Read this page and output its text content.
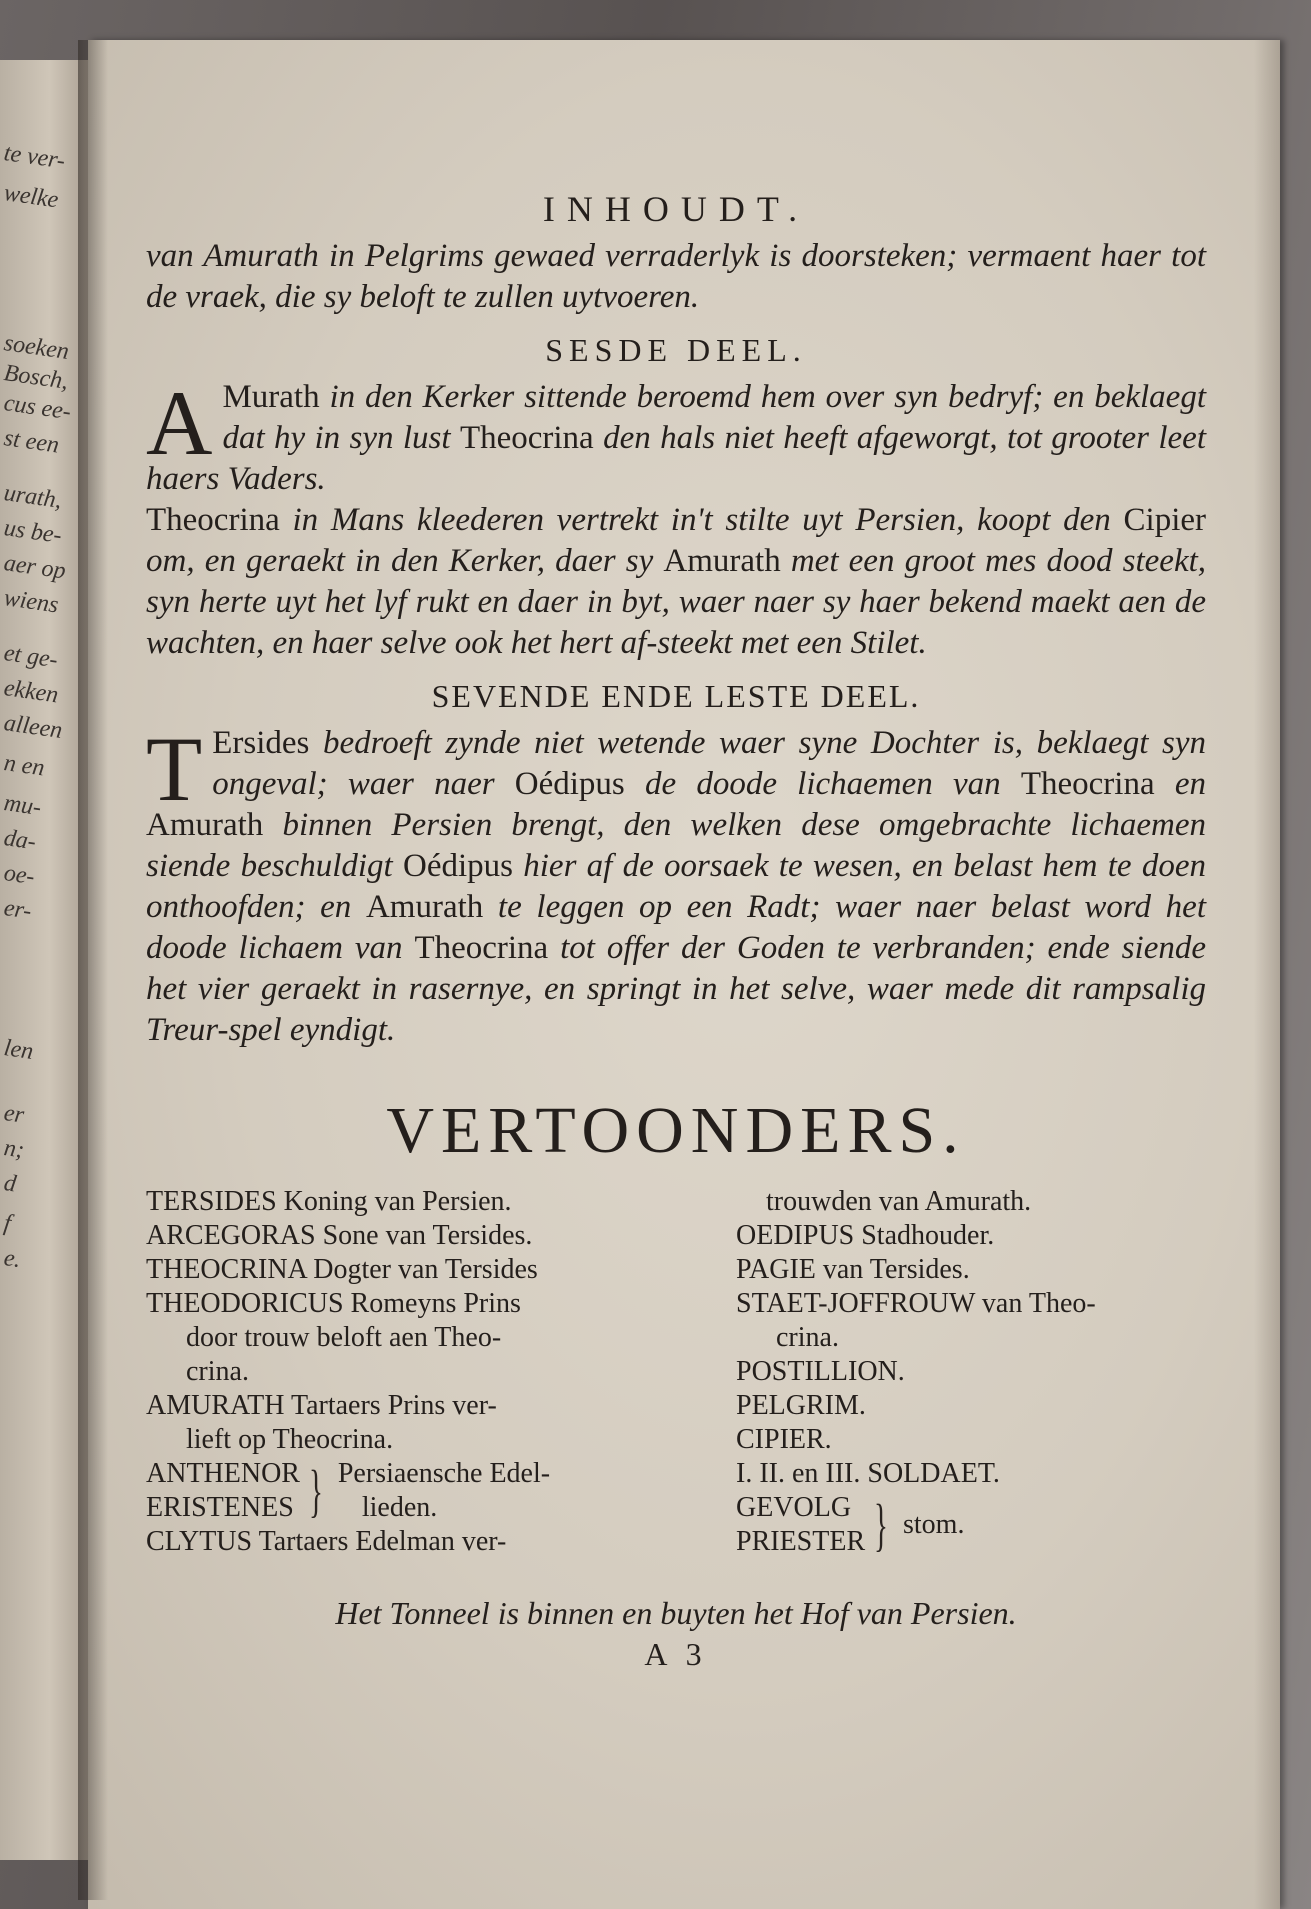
te ver-
welke
soeken
Bosch,
cus ee-
st een
urath,
us be-
aer op
wiens
et ge-
ekken
alleen
n en
mu-
da-
oe-
er-
len
er
n;
d
f
e.
INHOUDT.

van Amurath in Pelgrims gewaed verraderlyk is doorsteken; vermaent haer tot de vraek, die sy beloft te zullen uytvoeren.

SESDE DEEL.

A Murath in den Kerker sittende beroemd hem over syn bedryf; en beklaegt dat hy in syn lust Theocrina den hals niet heeft afgeworgt, tot grooter leet haers Vaders.

Theocrina in Mans kleederen vertrekt in't stilte uyt Persien, koopt den Cipier om, en geraekt in den Kerker, daer sy Amurath met een groot mes dood steekt, syn herte uyt het lyf rukt en daer in byt, waer naer sy haer bekend maekt aen de wachten, en haer selve ook het hert af-steekt met een Stilet.

SEVENDE ENDE LESTE DEEL.

T Ersides bedroeft zynde niet wetende waer syne Dochter is, beklaegt syn ongeval; waer naer Oédipus de doode lichaemen van Theocrina en Amurath binnen Persien brengt, den welken dese omgebrachte lichaemen siende beschuldigt Oédipus hier af de oorsaek te wesen, en belast hem te doen onthoofden; en Amurath te leggen op een Radt; waer naer belast word het doode lichaem van Theocrina tot offer der Goden te verbranden; ende siende het vier geraekt in rasernye, en springt in het selve, waer mede dit rampsalig Treur-spel eyndigt.

VERTOONDERS.

TERSIDES Koning van Persien.

ARCEGORAS Sone van Tersides.

THEOCRINA Dogter van Tersides

THEODORICUS Romeyns Prins
door trouw beloft aen Theo-
crina.

AMURATH Tartaers Prins ver-
lieft op Theocrina.

ANTHENOR
ERISTENES } Persiaensche Edel-
lieden.

CLYTUS Tartaers Edelman ver-

trouwden van Amurath.

OEDIPUS Stadhouder.

PAGIE van Tersides.

STAET-JOFFROUW van Theo-

crina.

POSTILLION.

PELGRIM.

CIPIER.

I. II. en III. SOLDAET.

GEVOLG
PRIESTER } stom.
Het Tonneel is binnen en buyten het Hof van Persien.
A 3
